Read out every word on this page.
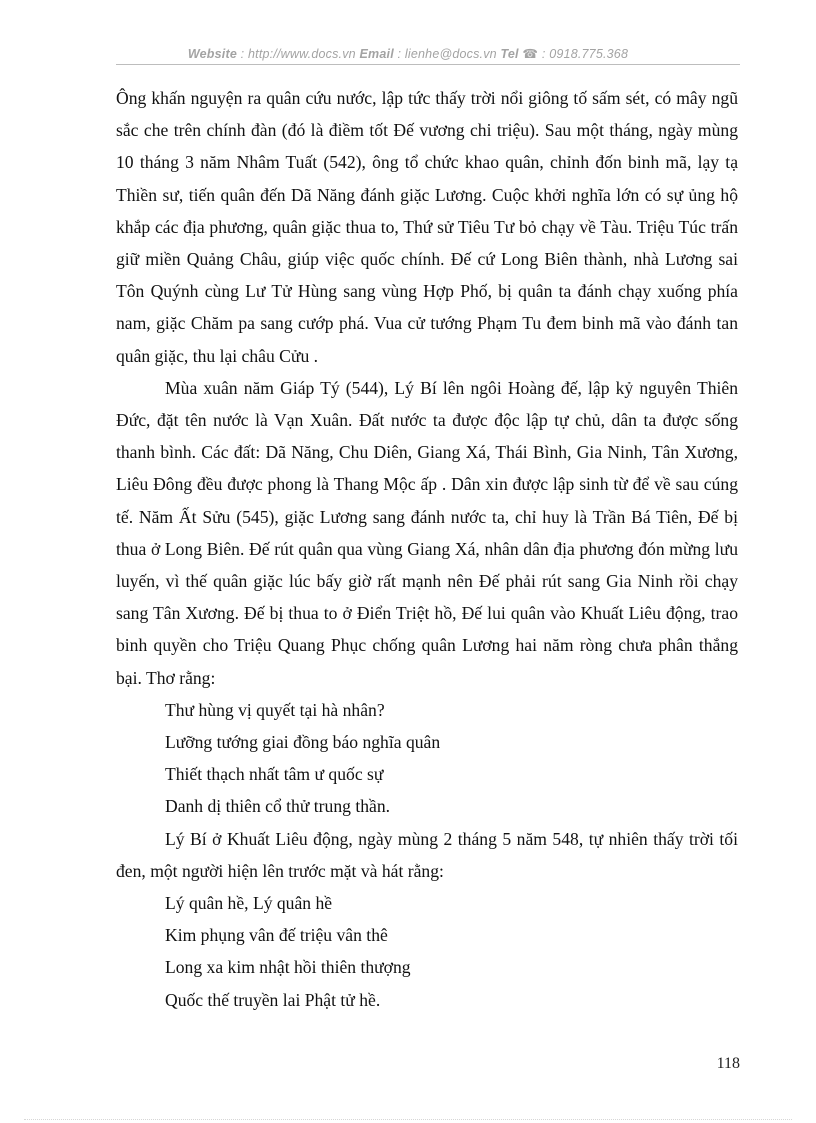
Website : http://www.docs.vn Email : lienhe@docs.vn Tel ☎ : 0918.775.368

Ông khấn nguyện ra quân cứu nước, lập tức thấy trời nổi giông tố sấm sét, có mây ngũ sắc che trên chính đàn (đó là điềm tốt Đế vương chi triệu). Sau một tháng, ngày mùng 10 tháng 3 năm Nhâm Tuất (542), ông tổ chức khao quân, chỉnh đốn binh mã, lạy tạ Thiền sư, tiến quân đến Dã Năng đánh giặc Lương. Cuộc khởi nghĩa lớn có sự ủng hộ khắp các địa phương, quân giặc thua to, Thứ sử Tiêu Tư bỏ chạy về Tàu. Triệu Túc trấn giữ miền Quảng Châu, giúp việc quốc chính. Đế cứ Long Biên thành, nhà Lương sai Tôn Quýnh cùng Lư Tử Hùng sang vùng Hợp Phố, bị quân ta đánh chạy xuống phía nam, giặc Chăm pa sang cướp phá. Vua cử tướng Phạm Tu đem binh mã vào đánh tan quân giặc, thu lại châu Cửu .

Mùa xuân năm Giáp Tý (544), Lý Bí lên ngôi Hoàng đế, lập kỷ nguyên Thiên Đức, đặt tên nước là Vạn Xuân. Đất nước ta được độc lập tự chủ, dân ta được sống thanh bình. Các đất: Dã Năng, Chu Diên, Giang Xá, Thái Bình, Gia Ninh, Tân Xương, Liêu Đông đều được phong là Thang Mộc ấp . Dân xin được lập sinh từ để về sau cúng tế. Năm Ất Sửu (545), giặc Lương sang đánh nước ta, chỉ huy là Trần Bá Tiên, Đế bị thua ở Long Biên. Đế rút quân qua vùng Giang Xá, nhân dân địa phương đón mừng lưu luyến, vì thế quân giặc lúc bấy giờ rất mạnh nên Đế phải rút sang Gia Ninh rồi chạy sang Tân Xương. Đế bị thua to ở Điển Triệt hồ, Đế lui quân vào Khuất Liêu động, trao binh quyền cho Triệu Quang Phục chống quân Lương hai năm ròng chưa phân thắng bại. Thơ rằng:

Thư hùng vị quyết tại hà nhân?

Lưỡng tướng giai đồng báo nghĩa quân

Thiết thạch nhất tâm ư quốc sự

Danh dị thiên cổ thử trung thần.

Lý Bí ở Khuất Liêu động, ngày mùng 2 tháng 5 năm 548, tự nhiên thấy trời tối đen, một người hiện lên trước mặt và hát rằng:

Lý quân hề, Lý quân hề

Kim phụng vân đế triệu vân thê

Long xa kim nhật hồi thiên thượng

Quốc thế truyền lai Phật tử hề.

118
